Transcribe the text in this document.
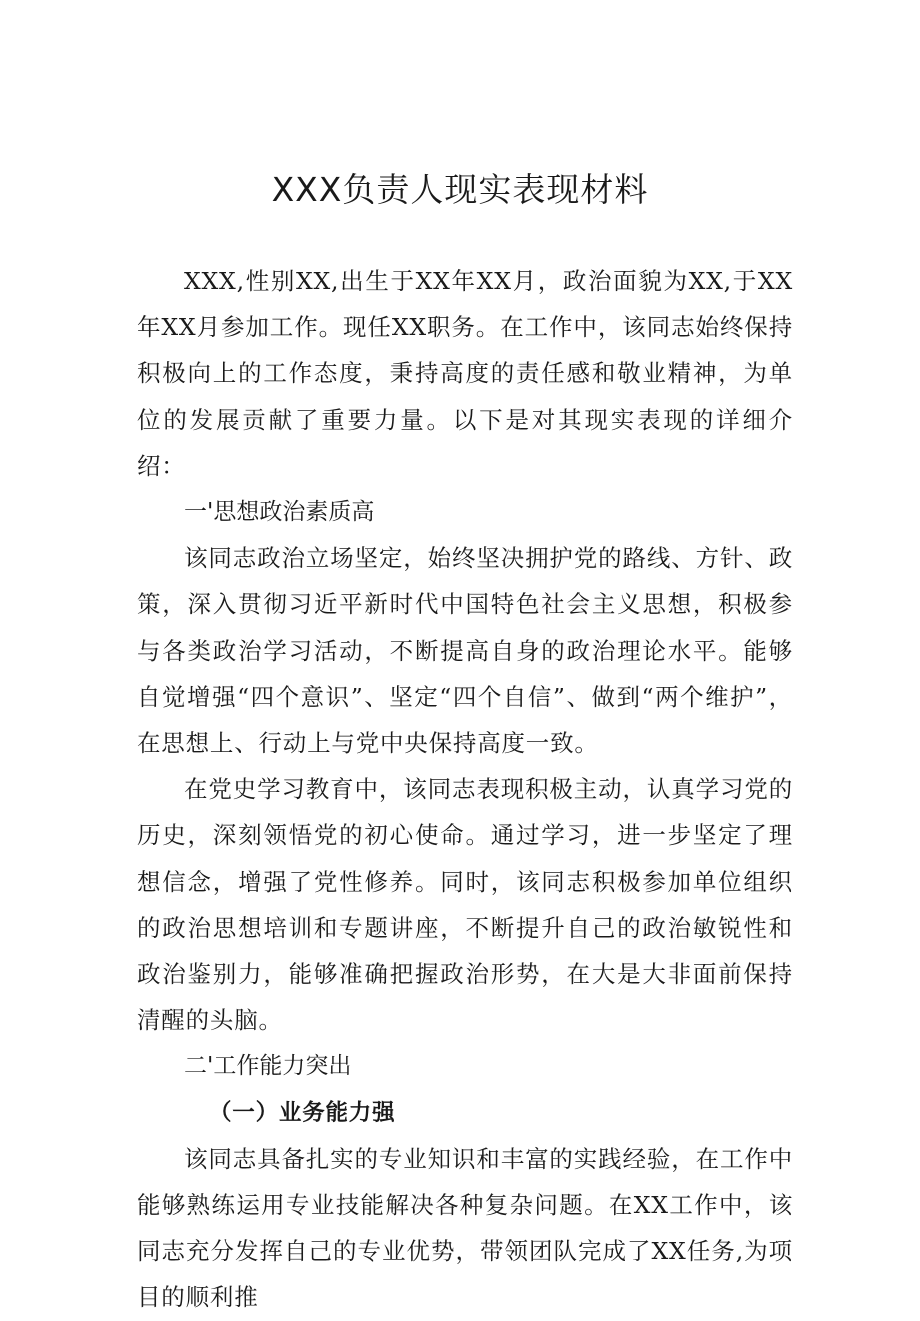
XXX负责人现实表现材料

XXX,性别XX,出生于XX年XX月，政治面貌为XX,于XX年XX月参加工作。现任XX职务。在工作中，该同志始终保持积极向上的工作态度，秉持高度的责任感和敬业精神，为单位的发展贡献了重要力量。以下是对其现实表现的详细介绍：

一'思想政治素质高

该同志政治立场坚定，始终坚决拥护党的路线、方针、政策，深入贯彻习近平新时代中国特色社会主义思想，积极参与各类政治学习活动，不断提高自身的政治理论水平。能够自觉增强“四个意识”、坚定“四个自信”、做到“两个维护”，在思想上、行动上与党中央保持高度一致。

在党史学习教育中，该同志表现积极主动，认真学习党的历史，深刻领悟党的初心使命。通过学习，进一步坚定了理想信念，增强了党性修养。同时，该同志积极参加单位组织的政治思想培训和专题讲座，不断提升自己的政治敏锐性和政治鉴别力，能够准确把握政治形势，在大是大非面前保持清醒的头脑。

二'工作能力突出

（一）业务能力强

该同志具备扎实的专业知识和丰富的实践经验，在工作中能够熟练运用专业技能解决各种复杂问题。在XX工作中，该同志充分发挥自己的专业优势，带领团队完成了XX任务,为项目的顺利推
